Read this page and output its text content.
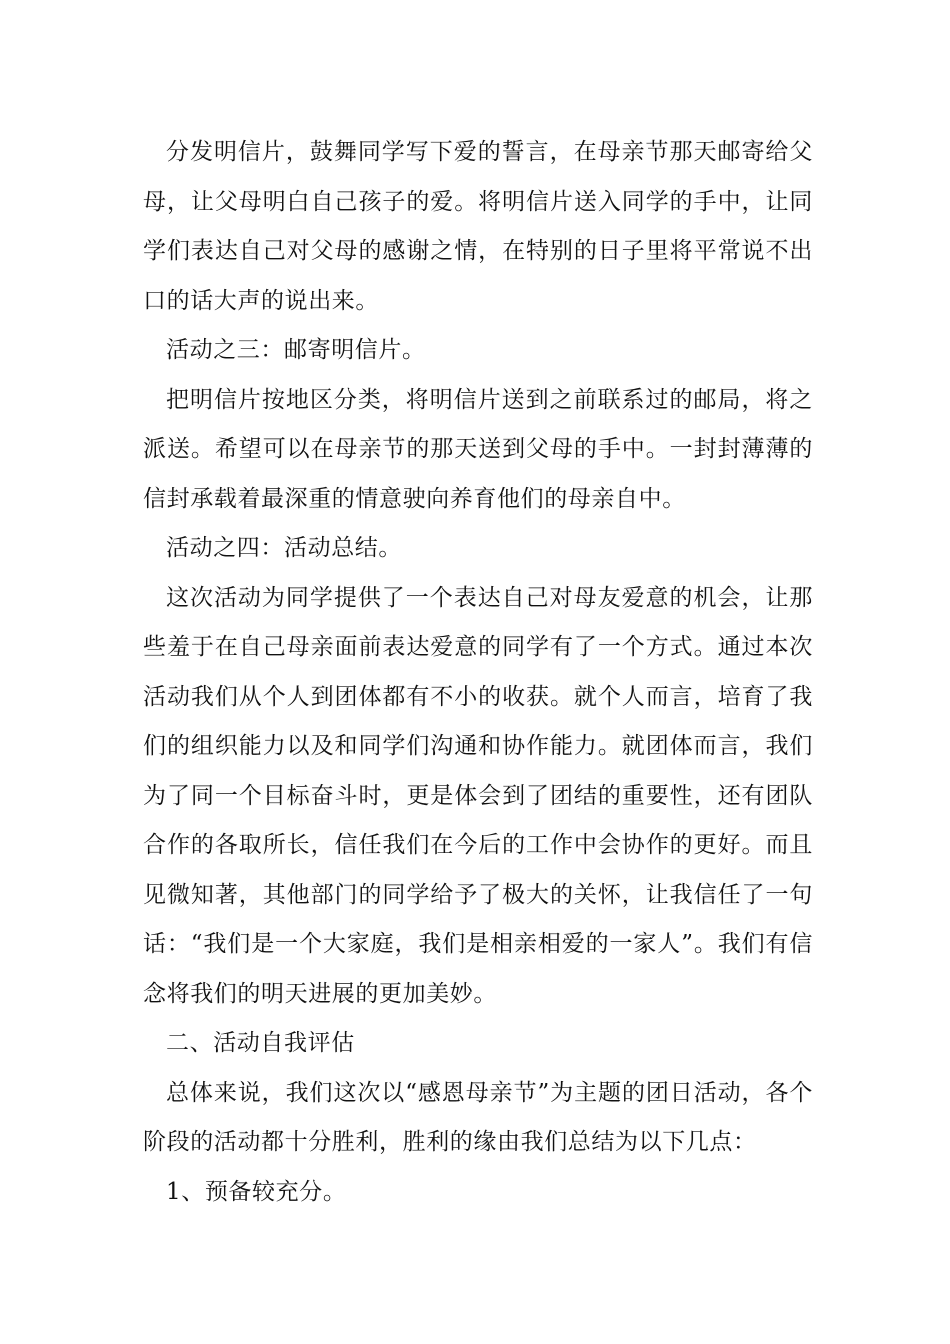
分发明信片，鼓舞同学写下爱的誓言，在母亲节那天邮寄给父母，让父母明白自己孩子的爱。将明信片送入同学的手中，让同学们表达自己对父母的感谢之情，在特别的日子里将平常说不出口的话大声的说出来。

活动之三：邮寄明信片。

把明信片按地区分类，将明信片送到之前联系过的邮局，将之派送。希望可以在母亲节的那天送到父母的手中。一封封薄薄的信封承载着最深重的情意驶向养育他们的母亲自中。

活动之四：活动总结。

这次活动为同学提供了一个表达自己对母友爱意的机会，让那些羞于在自己母亲面前表达爱意的同学有了一个方式。通过本次活动我们从个人到团体都有不小的收获。就个人而言，培育了我们的组织能力以及和同学们沟通和协作能力。就团体而言，我们为了同一个目标奋斗时，更是体会到了团结的重要性，还有团队合作的各取所长，信任我们在今后的工作中会协作的更好。而且见微知著，其他部门的同学给予了极大的关怀，让我信任了一句话：“我们是一个大家庭，我们是相亲相爱的一家人”。我们有信念将我们的明天进展的更加美妙。

二、活动自我评估

总体来说，我们这次以“感恩母亲节”为主题的团日活动，各个阶段的活动都十分胜利，胜利的缘由我们总结为以下几点：

1、预备较充分。
